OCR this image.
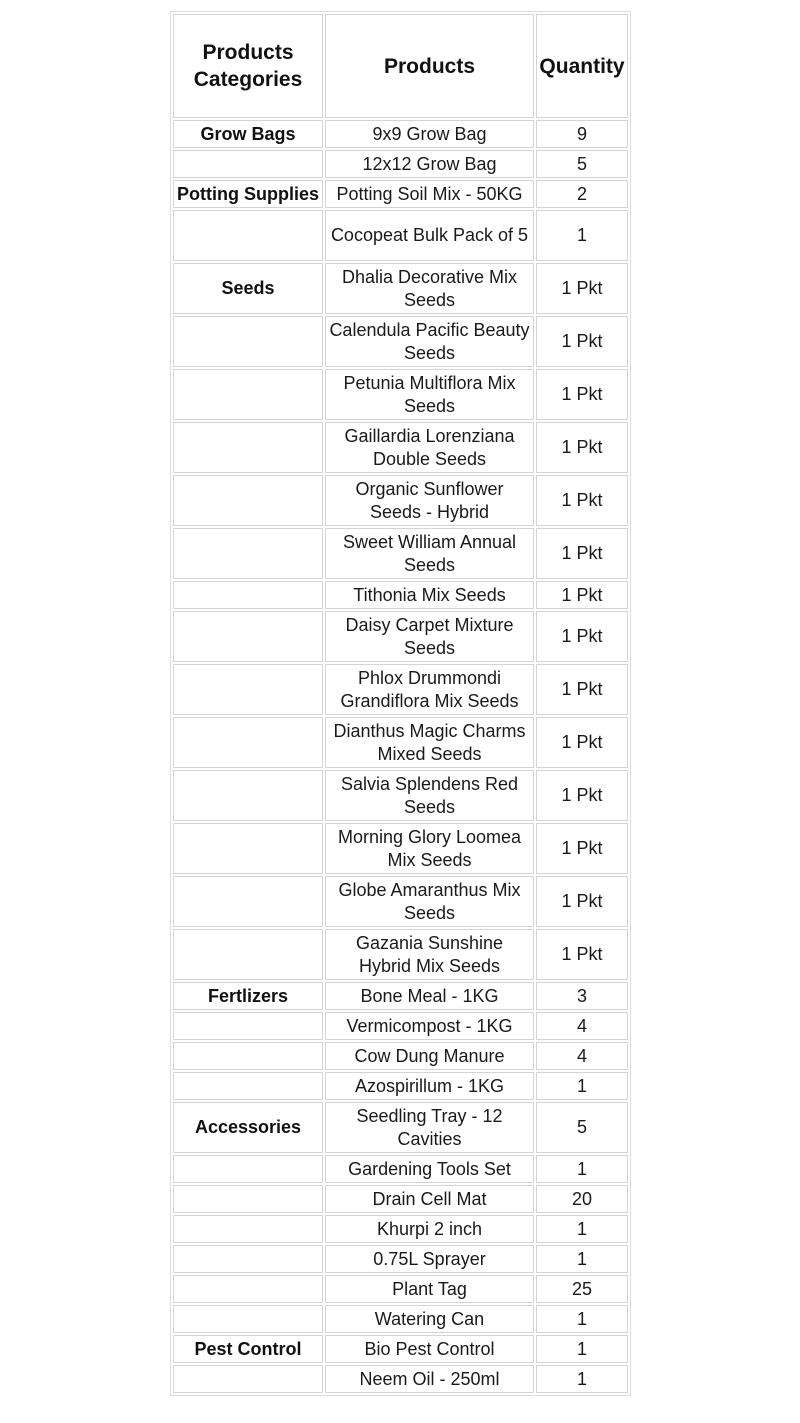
Products Categories	Products	Quantity
Grow Bags	9x9 Grow Bag	9
	12x12 Grow Bag	5
Potting Supplies	Potting Soil Mix - 50KG	2
	Cocopeat Bulk Pack of 5	1
Seeds	Dhalia Decorative Mix Seeds	1 Pkt
	Calendula Pacific Beauty Seeds	1 Pkt
	Petunia Multiflora Mix Seeds	1 Pkt
	Gaillardia Lorenziana Double Seeds	1 Pkt
	Organic Sunflower Seeds - Hybrid	1 Pkt
	Sweet William Annual Seeds	1 Pkt
	Tithonia Mix Seeds	1 Pkt
	Daisy Carpet Mixture Seeds	1 Pkt
	Phlox Drummondi Grandiflora Mix Seeds	1 Pkt
	Dianthus Magic Charms Mixed Seeds	1 Pkt
	Salvia Splendens Red Seeds	1 Pkt
	Morning Glory Loomea Mix Seeds	1 Pkt
	Globe Amaranthus Mix Seeds	1 Pkt
	Gazania Sunshine Hybrid Mix Seeds	1 Pkt
Fertlizers	Bone Meal - 1KG	3
	Vermicompost - 1KG	4
	Cow Dung Manure	4
	Azospirillum - 1KG	1
Accessories	Seedling Tray - 12 Cavities	5
	Gardening Tools Set	1
	Drain Cell Mat	20
	Khurpi 2 inch	1
	0.75L Sprayer	1
	Plant Tag	25
	Watering Can	1
Pest Control	Bio Pest Control	1
	Neem Oil - 250ml	1
